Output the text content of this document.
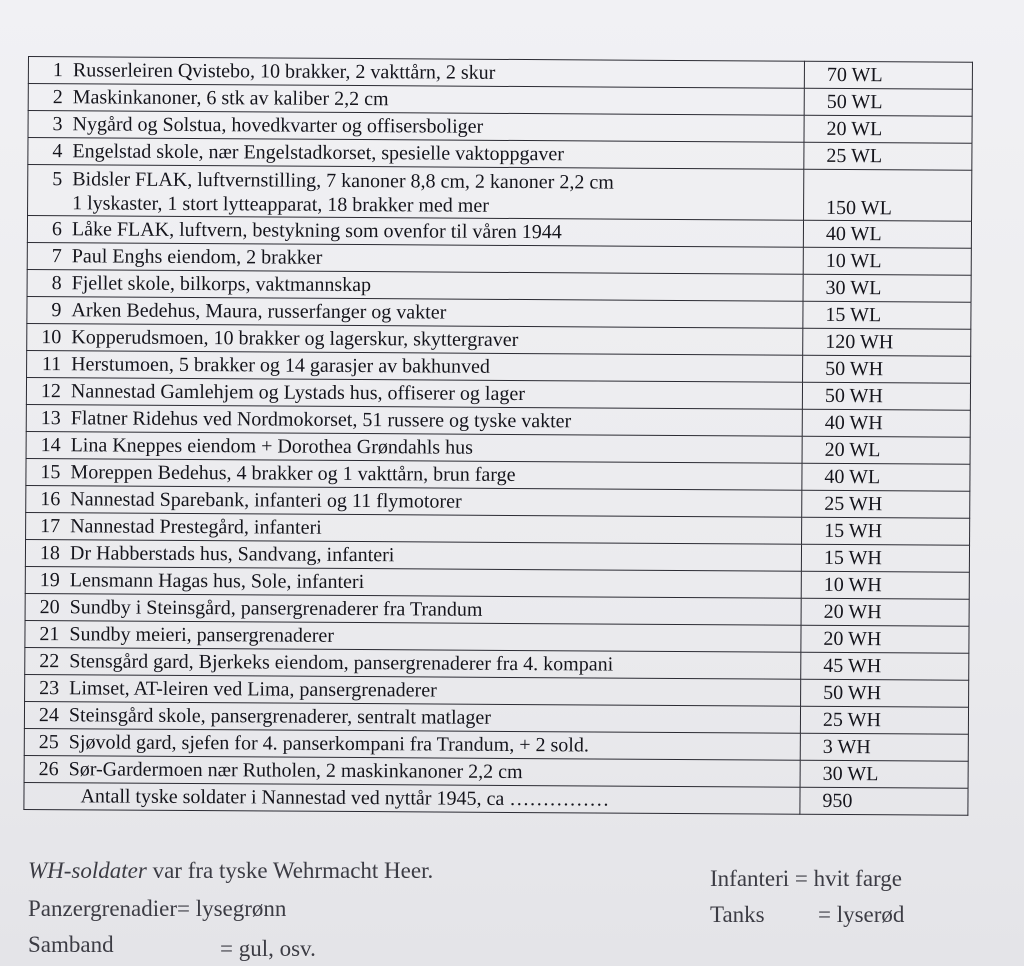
1 Russerleiren Qvistebo, 10 brakker, 2 vakttårn, 2 skur	70 WL
2 Maskinkanoner, 6 stk av kaliber 2,2 cm	50 WL
3 Nygård og Solstua, hovedkvarter og offisersboliger	20 WL
4 Engelstad skole, nær Engelstadkorset, spesielle vaktoppgaver	25 WL
5 Bidsler FLAK, luftvernstilling, 7 kanoner 8,8 cm, 2 kanoner 2,2 cm
1 lyskaster, 1 stort lytteapparat, 18 brakker med mer	150 WL
6 Låke FLAK, luftvern, bestykning som ovenfor til våren 1944	40 WL
7 Paul Enghs eiendom, 2 brakker	10 WL
8 Fjellet skole, bilkorps, vaktmannskap	30 WL
9 Arken Bedehus, Maura, russerfanger og vakter	15 WL
10 Kopperudsmoen, 10 brakker og lagerskur, skyttergraver	120 WH
11 Herstumoen, 5 brakker og 14 garasjer av bakhunved	50 WH
12 Nannestad Gamlehjem og Lystads hus, offiserer og lager	50 WH
13 Flatner Ridehus ved Nordmokorset, 51 russere og tyske vakter	40 WH
14 Lina Kneppes eiendom + Dorothea Grøndahls hus	20 WL
15 Moreppen Bedehus, 4 brakker og 1 vakttårn, brun farge	40 WL
16 Nannestad Sparebank, infanteri og 11 flymotorer	25 WH
17 Nannestad Prestegård, infanteri	15 WH
18 Dr Habberstads hus, Sandvang, infanteri	15 WH
19 Lensmann Hagas hus, Sole, infanteri	10 WH
20 Sundby i Steinsgård, pansergrenaderer fra Trandum	20 WH
21 Sundby meieri, pansergrenaderer	20 WH
22 Stensgård gard, Bjerkeks eiendom, pansergrenaderer fra 4. kompani	45 WH
23 Limset, AT-leiren ved Lima, pansergrenaderer	50 WH
24 Steinsgård skole, pansergrenaderer, sentralt matlager	25 WH
25 Sjøvold gard, sjefen for 4. panserkompani fra Trandum, + 2 sold.	3 WH
26 Sør-Gardermoen nær Rutholen, 2 maskinkanoner 2,2 cm	30 WL
Antall tyske soldater i Nannestad ved nyttår 1945, ca ……………	950
WH-soldater var fra tyske Wehrmacht Heer.
Panzergrenadier= lysegrønn
Samband	= gul, osv.
Infanteri = hvit farge
Tanks = lyserød
